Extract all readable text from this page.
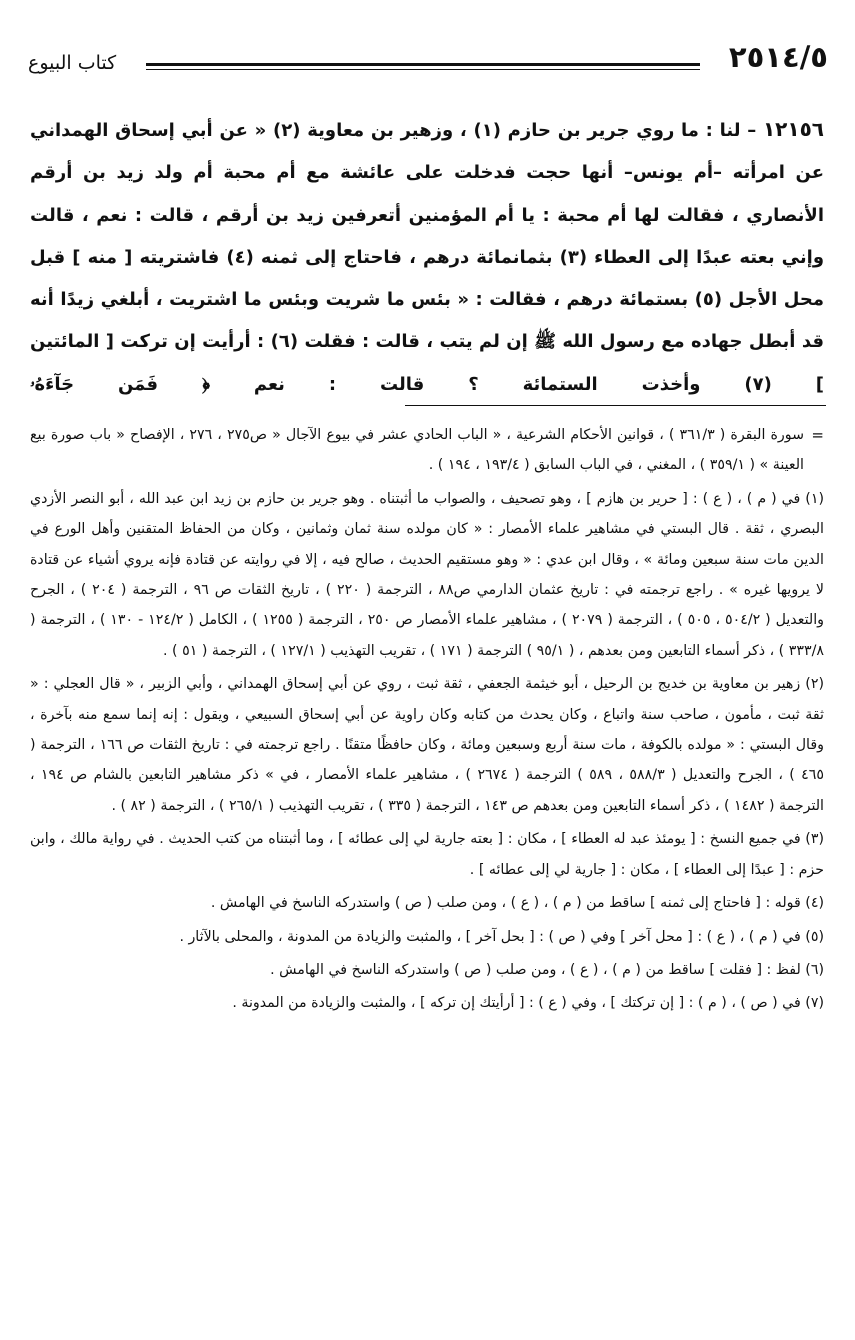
٢٥١٤/٥
كتاب البيوع

١٢١٥٦ – لنا : ما روي جرير بن حازم (١) ، وزهير بن معاوية (٢) « عن أبي إسحاق الهمداني عن امرأته –أم يونس– أنها حجت فدخلت على عائشة مع أم محبة أم ولد زيد بن أرقم الأنصاري ، فقالت لها أم محبة : يا أم المؤمنين أتعرفين زيد بن أرقم ، قالت : نعم ، قالت وإني بعته عبدًا إلى العطاء (٣) بثمانمائة درهم ، فاحتاج إلى ثمنه (٤) فاشتريته [ منه ] قبل محل الأجل (٥) بستمائة درهم ، فقالت : « بئس ما شريت وبئس ما اشتريت ، أبلغي زيدًا أنه قد أبطل جهاده مع رسول الله ﷺ إن لم يتب ، قالت : فقلت (٦) : أرأيت إن تركت [ المائتين ] (٧) وأخذت الستمائة ؟ قالت : نعم ﴿ فَمَن جَآءَهُۥ

=
سورة البقرة ( ٣٦١/٣ ) ، قوانين الأحكام الشرعية ، « الباب الحادي عشر في بيوع الآجال « ص٢٧٥ ، ٢٧٦ ، الإفصاح « باب صورة بيع العينة » ( ٣٥٩/١ ) ، المغني ، في الباب السابق ( ١٩٣/٤ ، ١٩٤ ) .

(١) في ( م ) ، ( ع ) : [ حرير بن هازم ] ، وهو تصحيف ، والصواب ما أثبتناه . وهو جرير بن حازم بن زيد ابن عبد الله ، أبو النصر الأزدي البصري ، ثقة . قال البستي في مشاهير علماء الأمصار : « كان مولده سنة ثمان وثمانين ، وكان من الحفاظ المتقنين وأهل الورع في الدين مات سنة سبعين ومائة » ، وقال ابن عدي : « وهو مستقيم الحديث ، صالح فيه ، إلا في روايته عن قتادة فإنه يروي أشياء عن قتادة لا يرويها غيره » . راجع ترجمته في : تاريخ عثمان الدارمي ص٨٨ ، الترجمة ( ٢٢٠ ) ، تاريخ الثقات ص ٩٦ ، الترجمة ( ٢٠٤ ) ، الجرح والتعديل ( ٥٠٤/٢ ، ٥٠٥ ) ، الترجمة ( ٢٠٧٩ ) ، مشاهير علماء الأمصار ص ٢٥٠ ، الترجمة ( ١٢٥٥ ) ، الكامل ( ١٢٤/٢ - ١٣٠ ) ، الترجمة ( ٣٣٣/٨ ) ، ذكر أسماء التابعين ومن بعدهم ، ( ٩٥/١ ) الترجمة ( ١٧١ ) ، تقريب التهذيب ( ١٢٧/١ ) ، الترجمة ( ٥١ ) .

(٢) زهير بن معاوية بن خديج بن الرحيل ، أبو خيثمة الجعفي ، ثقة ثبت ، روي عن أبي إسحاق الهمداني ، وأبي الزبير ، « قال العجلي : « ثقة ثبت ، مأمون ، صاحب سنة واتباع ، وكان يحدث من كتابه وكان راوية عن أبي إسحاق السبيعي ، ويقول : إنه إنما سمع منه بآخرة ، وقال البستي : « مولده بالكوفة ، مات سنة أربع وسبعين ومائة ، وكان حافظًا متقنًا . راجع ترجمته في : تاريخ الثقات ص ١٦٦ ، الترجمة ( ٤٦٥ ) ، الجرح والتعديل ( ٥٨٨/٣ ، ٥٨٩ ) الترجمة ( ٢٦٧٤ ) ، مشاهير علماء الأمصار ، في » ذكر مشاهير التابعين بالشام ص ١٩٤ ، الترجمة ( ١٤٨٢ ) ، ذكر أسماء التابعين ومن بعدهم ص ١٤٣ ، الترجمة ( ٣٣٥ ) ، تقريب التهذيب ( ٢٦٥/١ ) ، الترجمة ( ٨٢ ) .

(٣) في جميع النسخ : [ يومئذ عبد له العطاء ] ، مكان : [ بعته جارية لي إلى عطائه ] ، وما أثبتناه من كتب الحديث . في رواية مالك ، وابن حزم : [ عبدًا إلى العطاء ] ، مكان : [ جارية لي إلى عطائه ] .

(٤) قوله : [ فاحتاج إلى ثمنه ] ساقط من ( م ) ، ( ع ) ، ومن صلب ( ص ) واستدركه الناسخ في الهامش .

(٥) في ( م ) ، ( ع ) : [ محل آخر ] وفي ( ص ) : [ بحل آخر ] ، والمثبت والزيادة من المدونة ، والمحلى بالآثار .

(٦) لفظ : [ فقلت ] ساقط من ( م ) ، ( ع ) ، ومن صلب ( ص ) واستدركه الناسخ في الهامش .

(٧) في ( ص ) ، ( م ) : [ إن تركتك ] ، وفي ( ع ) : [ أرأيتك إن تركه ] ، والمثبت والزيادة من المدونة .
